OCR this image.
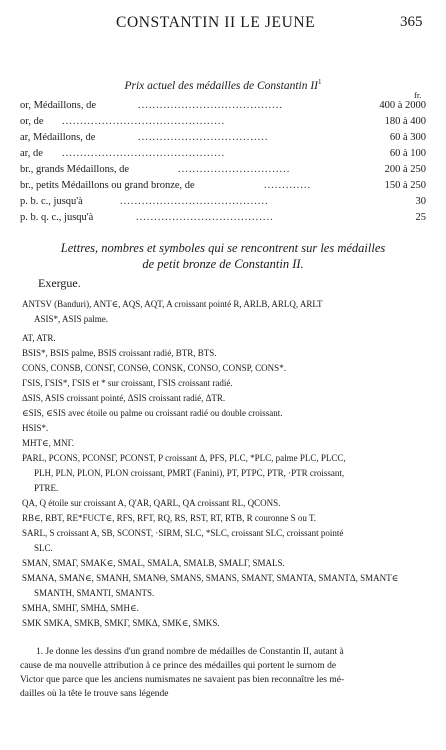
CONSTANTIN II LE JEUNE	365
Prix actuel des médailles de Constantin $II^1$
fr.
or, Médaillons, de	........................................	400 à 2000
or, de .............................................	180 à 400
ar, Médaillons, de	....................................	60 à 300
ar, de .............................................	60 à 100
br., grands Médaillons, de	...............................	200 à 250
br., petits Médaillons ou grand bronze, de	.............	150 à 250
p. b. c., jusqu'à	.........................................	30
p. b. q. c., jusqu'à	......................................	25
Lettres, nombres et symboles qui se rencontrent sur les médailles
de petit bronze de Constantin II.
Exergue.
ANTSV (Banduri), ANT∈, AQS, AQT, A croissant pointé R, ARLB, ARLQ, ARLT
ASIS*, ASIS palme.
AT, ATR.
BSIS*, BSIS palme, BSIS croissant radié, BTR, BTS.
CONS, CONSB, CONSΓ, CONSΘ, CONSK, CONSO, CONSP, CONS*.
ΓSIS, ΓSIS*, ΓSIS et * sur croissant, ΓSIS croissant radié.
ΔSIS, ASIS croissant pointé, ΔSIS croissant radié, ΔTR.
∈SIS, ∈SIS avec étoile ou palme ou croissant radié ou double croissant.
HSIS*.
MHT∈, MNΓ.
PARL, PCONS, PCONSΓ, PCONST, P croissant Δ, PFS, PLC, *PLC, palme PLC, PLCC,
PLH, PLN, PLON, PLON croissant, PMRT (Fanini), PT, PTPC, PTR, ·PTR croissant,
PTRE.
QA, Q étoile sur croissant A, Q'AR, QARL, QA croissant RL, QCONS.
RB∈, RBT, RE*FUCT∈, RFS, RFT, RQ, RS, RST, RT, RTB, R couronne S ou T.
SARL, S croissant A, SB, SCONST, ·SIRM, SLC, *SLC, croissant SLC, croissant pointé
SLC.
SMAN, SMAΓ, SMAK∈, SMAL, SMALA, SMALB, SMALΓ, SMALS.
SMANA, SMAN∈, SMANH, SMANΘ, SMANS, SMANS, SMANT, SMANTA, SMANTΔ, SMANT∈
SMANTH, SMANTI, SMANTS.
SMHA, SMHΓ, SMHΔ, SMH∈.
SMK SMKA, SMKB, SMKΓ, SMKΔ, SMK∈, SMKS.
1. Je donne les dessins d'un grand nombre de médailles de Constantin II, autant à
cause de ma nouvelle attribution à ce prince des médailles qui portent le surnom de
Victor que parce que les anciens numismates ne savaient pas bien reconnaître les mé-
dailles où la tête le trouve sans légende
